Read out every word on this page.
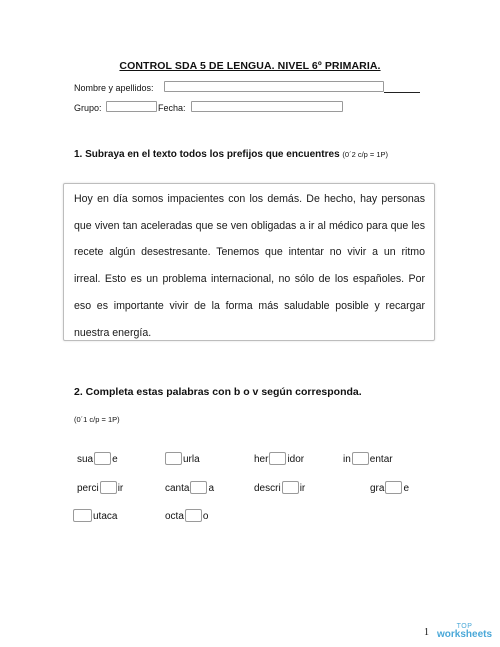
CONTROL SDA 5 DE LENGUA. NIVEL 6º PRIMARIA.
Nombre y apellidos:
Grupo:	Fecha:
1. Subraya en el texto todos los prefijos que encuentres (0´2 c/p = 1P)

Hoy en día somos impacientes con los demás. De hecho, hay personas que viven tan aceleradas que se ven obligadas a ir al médico para que les recete algún desestresante. Tenemos que intentar no vivir a un ritmo irreal. Esto es un problema internacional, no sólo de los españoles. Por eso es importante vivir de la forma más saludable posible y recargar nuestra energía.

2. Completa estas palabras con b o v según corresponda.
(0´1 c/p = 1P)
sua e	urla	her idor	in entar
perci ir	canta a	descri ir	gra e
utaca	octa o
1
TOP
worksheets
